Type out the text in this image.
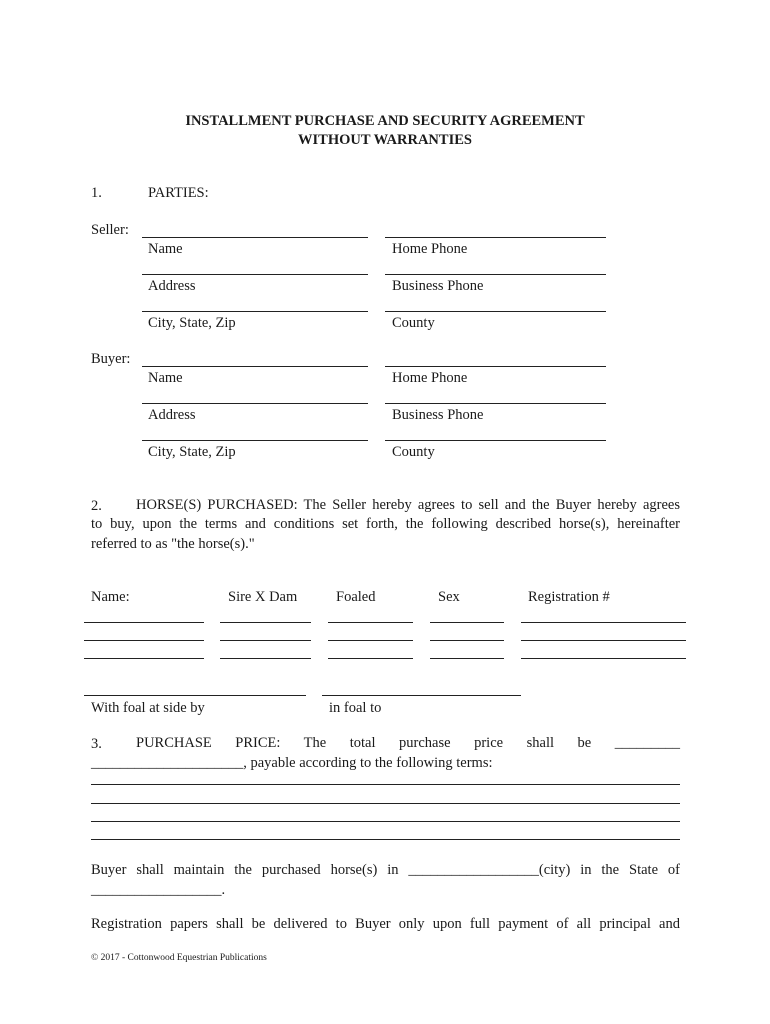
INSTALLMENT PURCHASE AND SECURITY AGREEMENT
WITHOUT WARRANTIES
1.	PARTIES:
Seller:
Name	Home Phone
Address	Business Phone
City, State, Zip	County
Buyer:
Name	Home Phone
Address	Business Phone
City, State, Zip	County
2. HORSE(S) PURCHASED: The Seller hereby agrees to sell and the Buyer hereby agrees
to buy, upon the terms and conditions set forth, the following described horse(s), hereinafter
referred to as "the horse(s)."
Name:	Sire X Dam	Foaled	Sex	Registration #
With foal at side by	in foal to
3. PURCHASE PRICE: The total purchase price shall be _________
_____________________, payable according to the following terms:
Buyer shall maintain the purchased horse(s) in __________________(city) in the State of
__________________.
Registration papers shall be delivered to Buyer only upon full payment of all principal and
© 2017 - Cottonwood Equestrian Publications
